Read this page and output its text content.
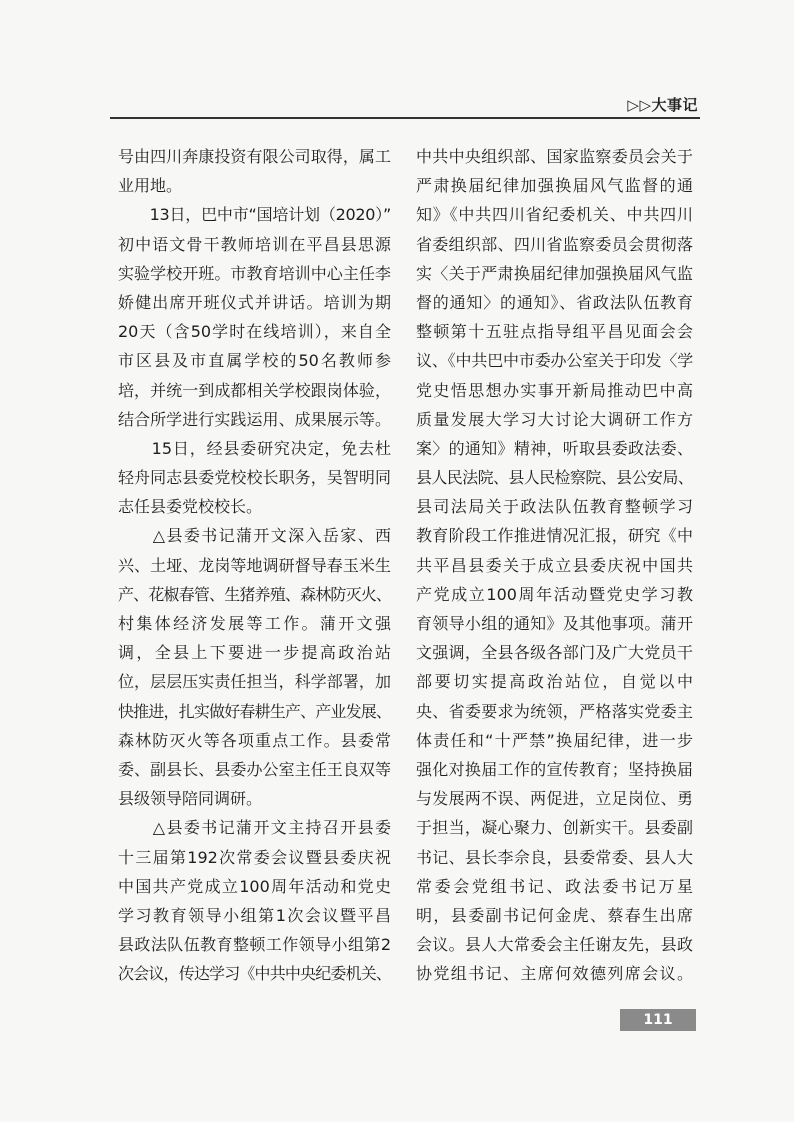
▷▷大事记
号由四川奔康投资有限公司取得，属工
业用地。
　　13日，巴中市“国培计划（2020）”
初中语文骨干教师培训在平昌县思源
实验学校开班。市教育培训中心主任李
娇健出席开班仪式并讲话。培训为期
20天（含50学时在线培训），来自全
市区县及市直属学校的50名教师参
培，并统一到成都相关学校跟岗体验，
结合所学进行实践运用、成果展示等。
　　15日，经县委研究决定，免去杜
轻舟同志县委党校校长职务，吴智明同
志任县委党校校长。
　　△县委书记蒲开文深入岳家、西
兴、土垭、龙岗等地调研督导春玉米生
产、花椒春管、生猪养殖、森林防灭火、
村集体经济发展等工作。蒲开文强
调，全县上下要进一步提高政治站
位，层层压实责任担当，科学部署，加
快推进，扎实做好春耕生产、产业发展、
森林防灭火等各项重点工作。县委常
委、副县长、县委办公室主任王良双等
县级领导陪同调研。
　　△县委书记蒲开文主持召开县委
十三届第192次常委会议暨县委庆祝
中国共产党成立100周年活动和党史
学习教育领导小组第1次会议暨平昌
县政法队伍教育整顿工作领导小组第2
次会议，传达学习《中共中央纪委机关、
中共中央组织部、国家监察委员会关于
严肃换届纪律加强换届风气监督的通
知》《中共四川省纪委机关、中共四川
省委组织部、四川省监察委员会贯彻落
实〈关于严肃换届纪律加强换届风气监
督的通知〉的通知》、省政法队伍教育
整顿第十五驻点指导组平昌见面会会
议、《中共巴中市委办公室关于印发〈学
党史悟思想办实事开新局推动巴中高
质量发展大学习大讨论大调研工作方
案〉的通知》精神，听取县委政法委、
县人民法院、县人民检察院、县公安局、
县司法局关于政法队伍教育整顿学习
教育阶段工作推进情况汇报，研究《中
共平昌县委关于成立县委庆祝中国共
产党成立100周年活动暨党史学习教
育领导小组的通知》及其他事项。蒲开
文强调，全县各级各部门及广大党员干
部要切实提高政治站位，自觉以中
央、省委要求为统领，严格落实党委主
体责任和“十严禁”换届纪律，进一步
强化对换届工作的宣传教育；坚持换届
与发展两不误、两促进，立足岗位、勇
于担当，凝心聚力、创新实干。县委副
书记、县长李佘良，县委常委、县人大
常委会党组书记、政法委书记万星
明，县委副书记何金虎、蔡春生出席
会议。县人大常委会主任谢友先，县政
协党组书记、主席何效德列席会议。
111
